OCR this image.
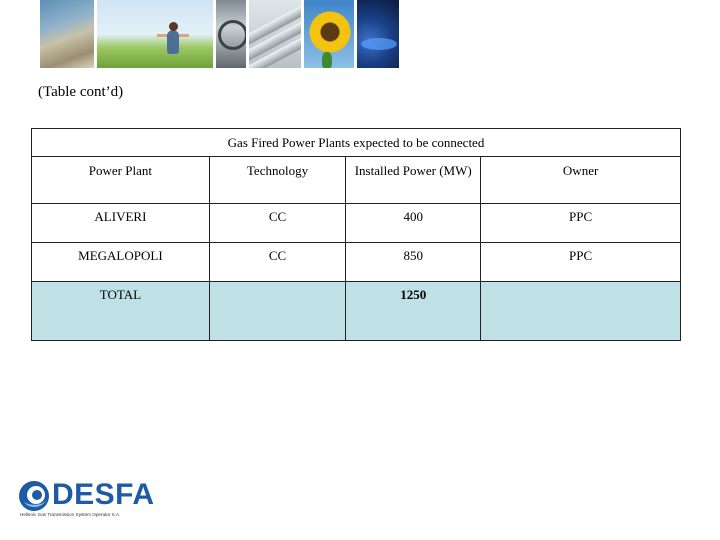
(Table cont’d)
Gas Fired Power Plants expected to be connected			
Power Plant	Technology	Installed Power (MW)	Owner
ALIVERI	CC	400	PPC
MEGALOPOLI	CC	850	PPC
TOTAL		1250	
DESFA
Hellenic Gas Transmission System Operator S.A.
